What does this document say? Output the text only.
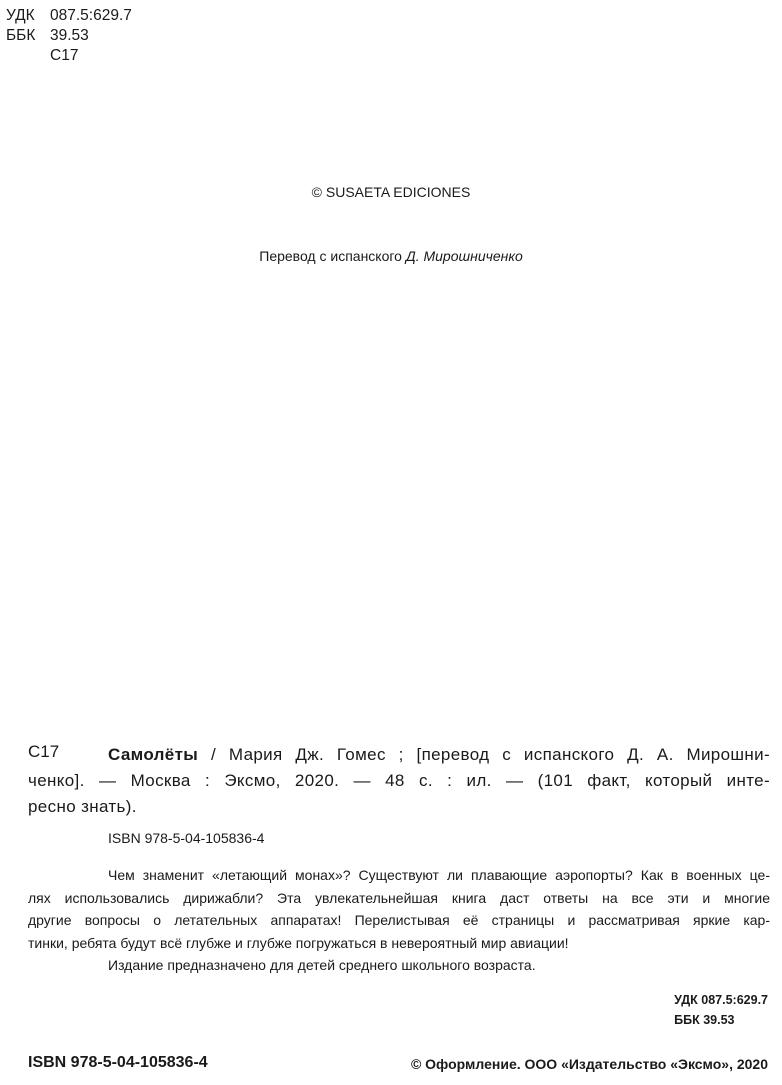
УДК 087.5:629.7
ББК 39.53
С17
© SUSAETA EDICIONES
Перевод с испанского Д. Мирошниченко
С17	Самолёты / Мария Дж. Гомес ; [перевод с испанского Д. А. Мирошни-
ченко]. — Москва : Эксмо, 2020. — 48 с. : ил. — (101 факт, который инте-
ресно знать).
ISBN 978-5-04-105836-4
Чем знаменит «летающий монах»? Существуют ли плавающие аэропорты? Как в военных це-
лях использовались дирижабли? Эта увлекательнейшая книга даст ответы на все эти и многие
другие вопросы о летательных аппаратах! Перелистывая её страницы и рассматривая яркие кар-
тинки, ребята будут всё глубже и глубже погружаться в невероятный мир авиации!
Издание предназначено для детей среднего школьного возраста.
УДК 087.5:629.7
ББК 39.53
ISBN 978-5-04-105836-4	© Оформление. ООО «Издательство «Эксмо», 2020
